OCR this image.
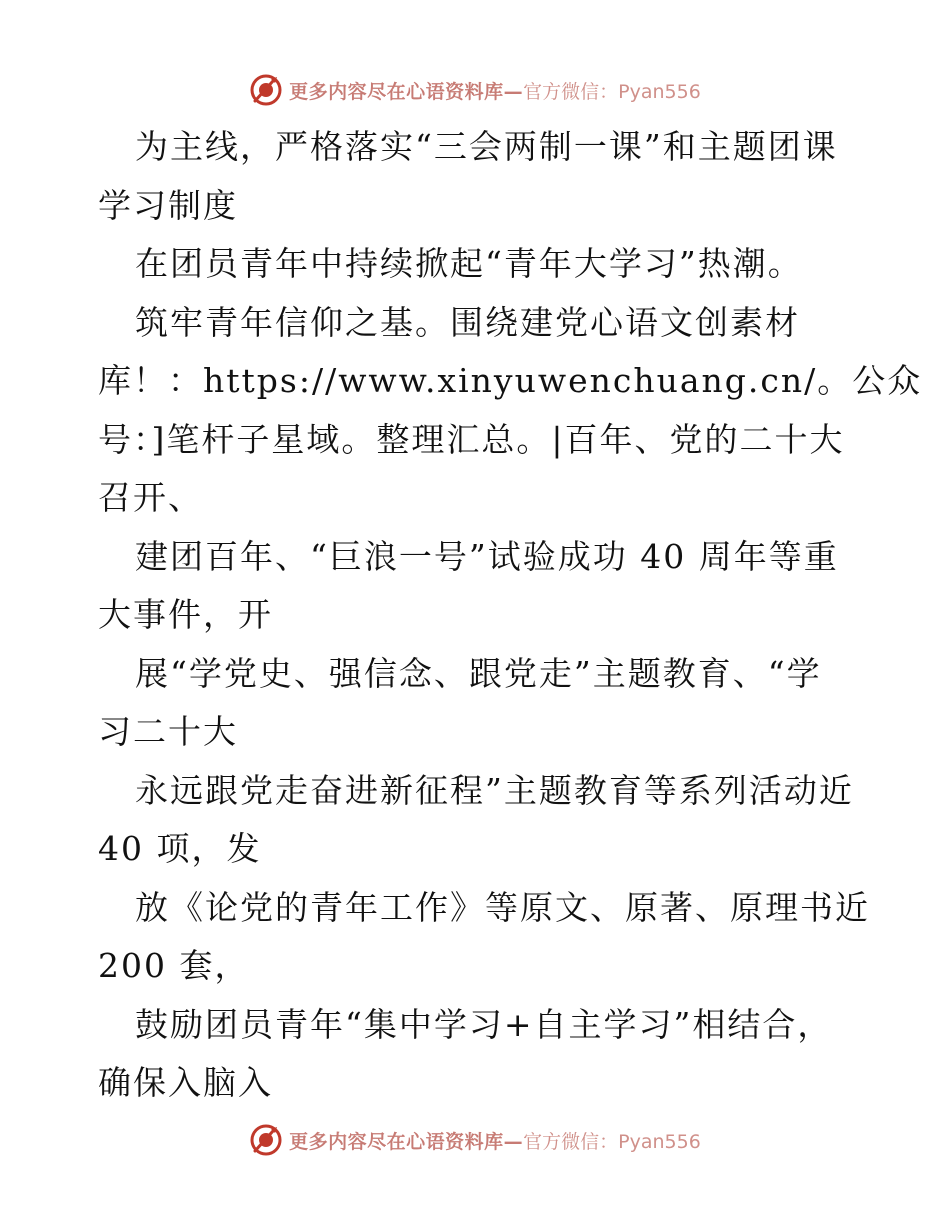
更多内容尽在心语资料库— 官方微信：Pyan556
为主线，严格落实“三会两制一课”和主题团课
学习制度
在团员青年中持续掀起“青年大学习”热潮。
筑牢青年信仰之基。围绕建党心语文创素材
库！：https://www.xinyuwenchuang.cn/。公众
号：]笔杆子星域。整理汇总。|百年、党的二十大
召开、
建团百年、“巨浪一号”试验成功 40 周年等重
大事件，开
展“学党史、强信念、跟党走”主题教育、“学
习二十大
永远跟党走奋进新征程”主题教育等系列活动近
40 项，发
放《论党的青年工作》等原文、原著、原理书近
200 套，
鼓励团员青年“集中学习+自主学习”相结合，
确保入脑入
更多内容尽在心语资料库— 官方微信：Pyan556
